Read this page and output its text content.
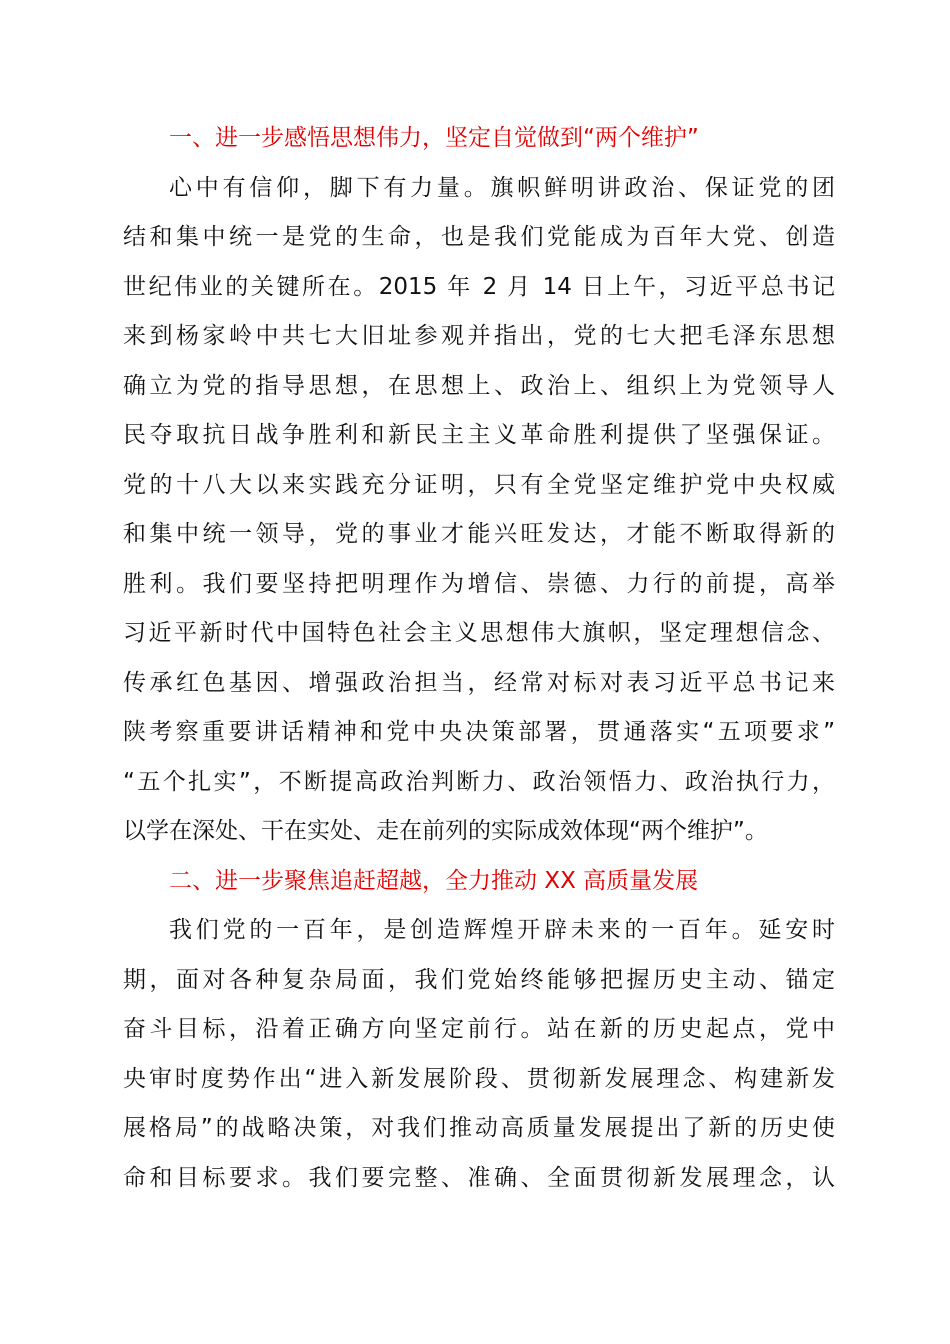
一、进一步感悟思想伟力，坚定自觉做到“两个维护”
心中有信仰，脚下有力量。旗帜鲜明讲政治、保证党的团
结和集中统一是党的生命，也是我们党能成为百年大党、创造
世纪伟业的关键所在。2015 年 2 月 14 日上午，习近平总书记
来到杨家岭中共七大旧址参观并指出，党的七大把毛泽东思想
确立为党的指导思想，在思想上、政治上、组织上为党领导人
民夺取抗日战争胜利和新民主主义革命胜利提供了坚强保证。
党的十八大以来实践充分证明，只有全党坚定维护党中央权威
和集中统一领导，党的事业才能兴旺发达，才能不断取得新的
胜利。我们要坚持把明理作为增信、崇德、力行的前提，高举
习近平新时代中国特色社会主义思想伟大旗帜，坚定理想信念、
传承红色基因、增强政治担当，经常对标对表习近平总书记来
陕考察重要讲话精神和党中央决策部署，贯通落实“五项要求”
“五个扎实”，不断提高政治判断力、政治领悟力、政治执行力，
以学在深处、干在实处、走在前列的实际成效体现“两个维护”。
二、进一步聚焦追赶超越，全力推动 XX 高质量发展
我们党的一百年，是创造辉煌开辟未来的一百年。延安时
期，面对各种复杂局面，我们党始终能够把握历史主动、锚定
奋斗目标，沿着正确方向坚定前行。站在新的历史起点，党中
央审时度势作出“进入新发展阶段、贯彻新发展理念、构建新发
展格局”的战略决策，对我们推动高质量发展提出了新的历史使
命和目标要求。我们要完整、准确、全面贯彻新发展理念，认
